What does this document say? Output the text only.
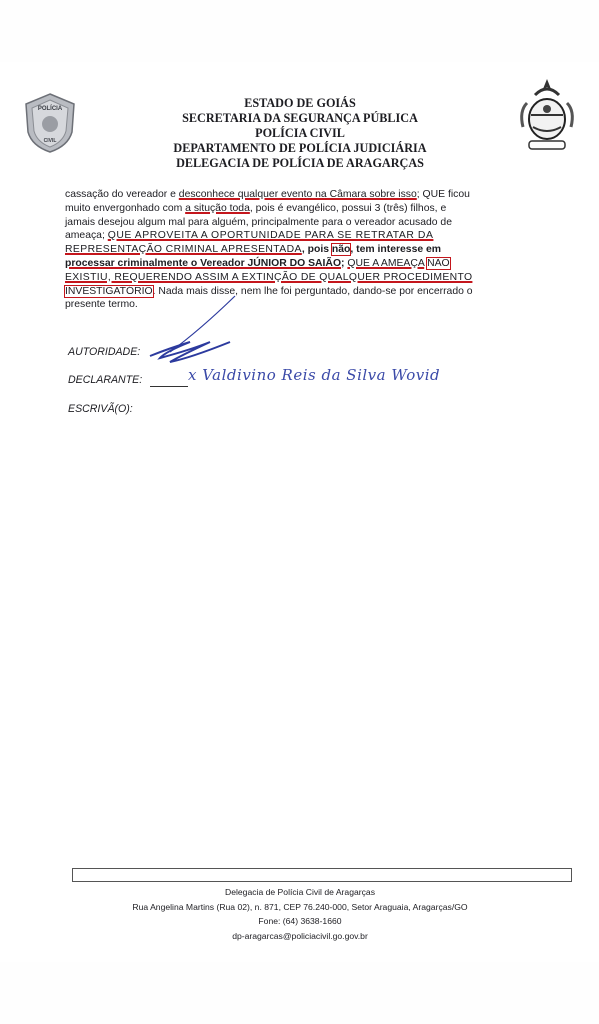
POLÍCIA
CIVIL
ESTADO DE GOIÁS
SECRETARIA DA SEGURANÇA PÚBLICA
POLÍCIA CIVIL
DEPARTAMENTO DE POLÍCIA JUDICIÁRIA
DELEGACIA DE POLÍCIA DE ARAGARÇAS
cassação do vereador e desconhece qualquer evento na Câmara sobre isso; QUE ficou
muito envergonhado com a situção toda, pois é evangélico, possui 3 (três) filhos, e
jamais desejou algum mal para alguém, principalmente para o vereador acusado de
ameaça; QUE APROVEITA A OPORTUNIDADE PARA SE RETRATAR DA
REPRESENTAÇÃO CRIMINAL APRESENTADA, pois não, tem interesse em
processar criminalmente o Vereador JÚNIOR DO SAIÃO; QUE A AMEAÇA NÃO
EXISTIU, REQUERENDO ASSIM A EXTINÇÃO DE QUALQUER PROCEDIMENTO
INVESTIGATÓRIO. Nada mais disse, nem lhe foi perguntado, dando-se por encerrado o
presente termo.
AUTORIDADE:
DECLARANTE:	x Valdivino Reis da Silva Wovid
ESCRIVÃ(O):
Delegacia de Polícia Civil de Aragarças
Rua Angelina Martins (Rua 02), n. 871, CEP 76.240-000, Setor Araguaia, Aragarças/GO
Fone: (64) 3638-1660
dp-aragarcas@policiacivil.go.gov.br
